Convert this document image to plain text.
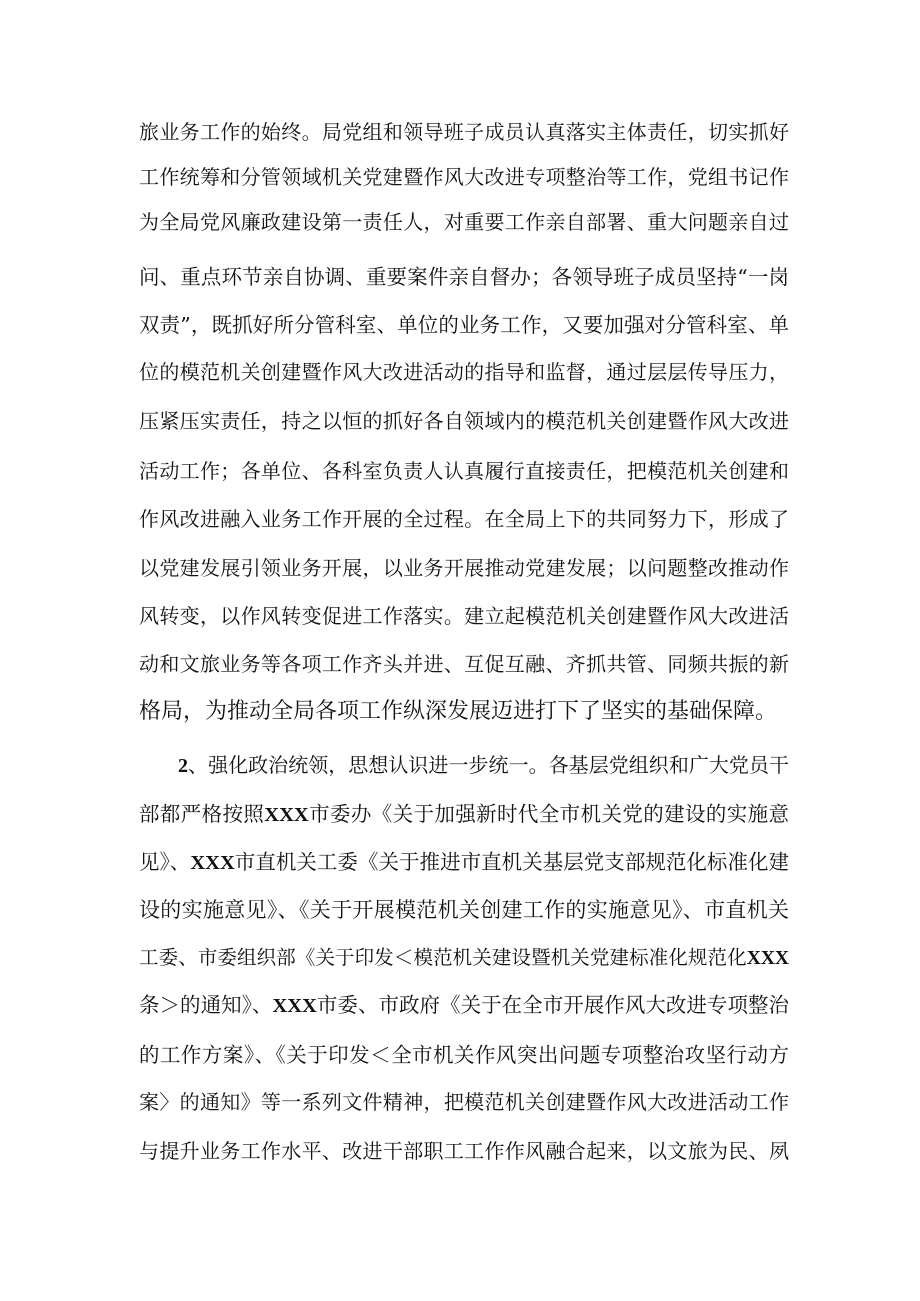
旅业务工作的始终。局党组和领导班子成员认真落实主体责任，切实抓好
工作统筹和分管领域机关党建暨作风大改进专项整治等工作，党组书记作
为全局党风廉政建设第一责任人，对重要工作亲自部署、重大问题亲自过
问、重点环节亲自协调、重要案件亲自督办；各领导班子成员坚持“一岗
双责”，既抓好所分管科室、单位的业务工作，又要加强对分管科室、单
位的模范机关创建暨作风大改进活动的指导和监督，通过层层传导压力，
压紧压实责任，持之以恒的抓好各自领域内的模范机关创建暨作风大改进
活动工作；各单位、各科室负责人认真履行直接责任，把模范机关创建和
作风改进融入业务工作开展的全过程。在全局上下的共同努力下，形成了
以党建发展引领业务开展，以业务开展推动党建发展；以问题整改推动作
风转变，以作风转变促进工作落实。建立起模范机关创建暨作风大改进活
动和文旅业务等各项工作齐头并进、互促互融、齐抓共管、同频共振的新
格局，为推动全局各项工作纵深发展迈进打下了坚实的基础保障。
2、强化政治统领，思想认识进一步统一。各基层党组织和广大党员干
部都严格按照XXX市委办《关于加强新时代全市机关党的建设的实施意
见》、XXX市直机关工委《关于推进市直机关基层党支部规范化标准化建
设的实施意见》、《关于开展模范机关创建工作的实施意见》、市直机关
工委、市委组织部《关于印发＜模范机关建设暨机关党建标准化规范化XXX
条＞的通知》、XXX市委、市政府《关于在全市开展作风大改进专项整治
的工作方案》、《关于印发＜全市机关作风突出问题专项整治攻坚行动方
案〉的通知》等一系列文件精神，把模范机关创建暨作风大改进活动工作
与提升业务工作水平、改进干部职工工作作风融合起来，以文旅为民、夙
